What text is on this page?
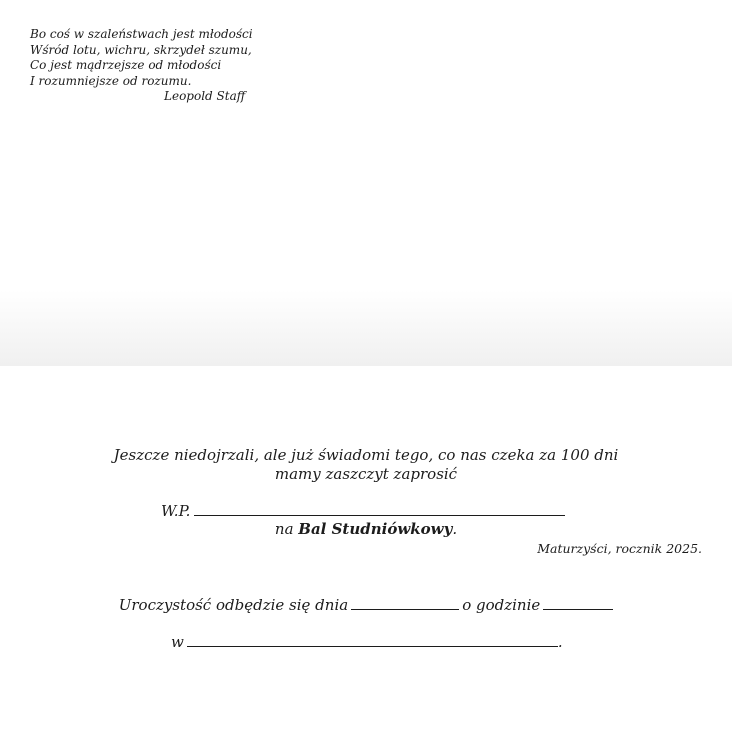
Bo coś w szaleństwach jest młodości
Wśród lotu, wichru, skrzydeł szumu,
Co jest mądrzejsze od młodości
I rozumniejsze od rozumu.
Leopold Staff
Jeszcze niedojrzali, ale już świadomi tego, co nas czeka za 100 dni
mamy zaszczyt zaprosić
W.P.
na Bal Studniówkowy.
Maturzyści, rocznik 2025.
Uroczystość odbędzie się dnia	o godzinie
w	.
